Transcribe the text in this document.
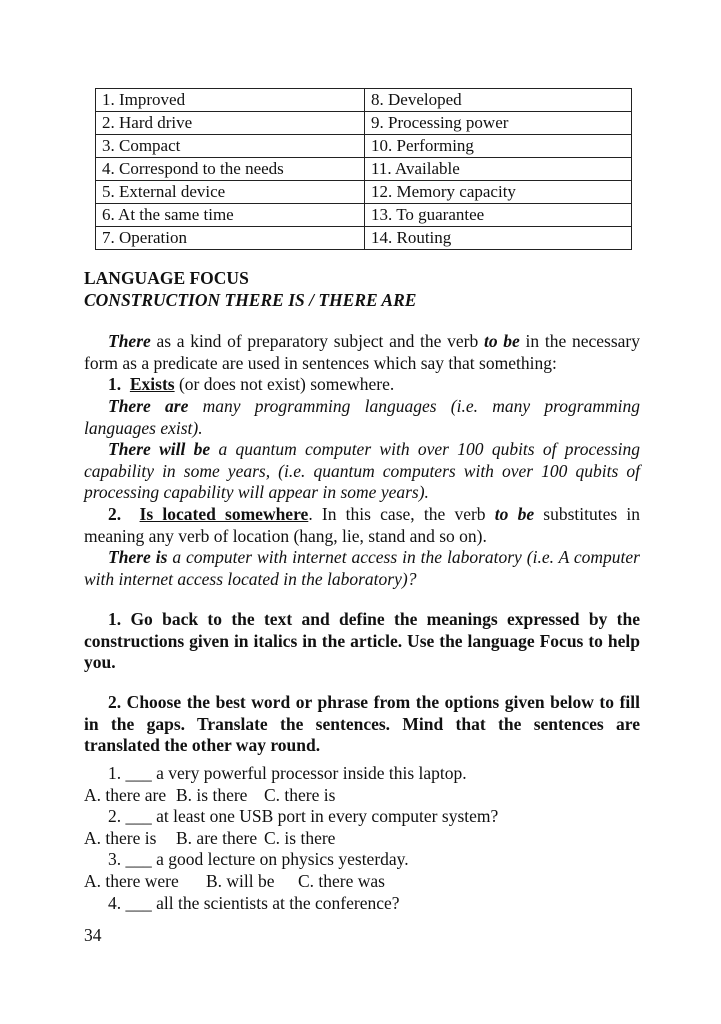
1. Improved	8. Developed
2. Hard drive	9. Processing power
3. Compact	10. Performing
4. Correspond to the needs	11. Available
5. External device	12. Memory capacity
6. At the same time	13. To guarantee
7. Operation	14. Routing
LANGUAGE FOCUS
CONSTRUCTION THERE IS / THERE ARE
There as a kind of preparatory subject and the verb to be in the necessary form as a predicate are used in sentences which say that something:
1. Exists (or does not exist) somewhere.
There are many programming languages (i.e. many programming languages exist).
There will be a quantum computer with over 100 qubits of processing capability in some years, (i.e. quantum computers with over 100 qubits of processing capability will appear in some years).
2. Is located somewhere. In this case, the verb to be substitutes in meaning any verb of location (hang, lie, stand and so on).
There is a computer with internet access in the laboratory (i.e. A computer with internet access located in the laboratory)?
1. Go back to the text and define the meanings expressed by the constructions given in italics in the article. Use the language Focus to help you.
2. Choose the best word or phrase from the options given below to fill in the gaps. Translate the sentences. Mind that the sentences are translated the other way round.
1. ___ a very powerful processor inside this laptop.
A. there are B. is there C. there is
2. ___ at least one USB port in every computer system?
A. there is B. are there C. is there
3. ___ a good lecture on physics yesterday.
A. there were B. will be C. there was
4. ___ all the scientists at the conference?
34
